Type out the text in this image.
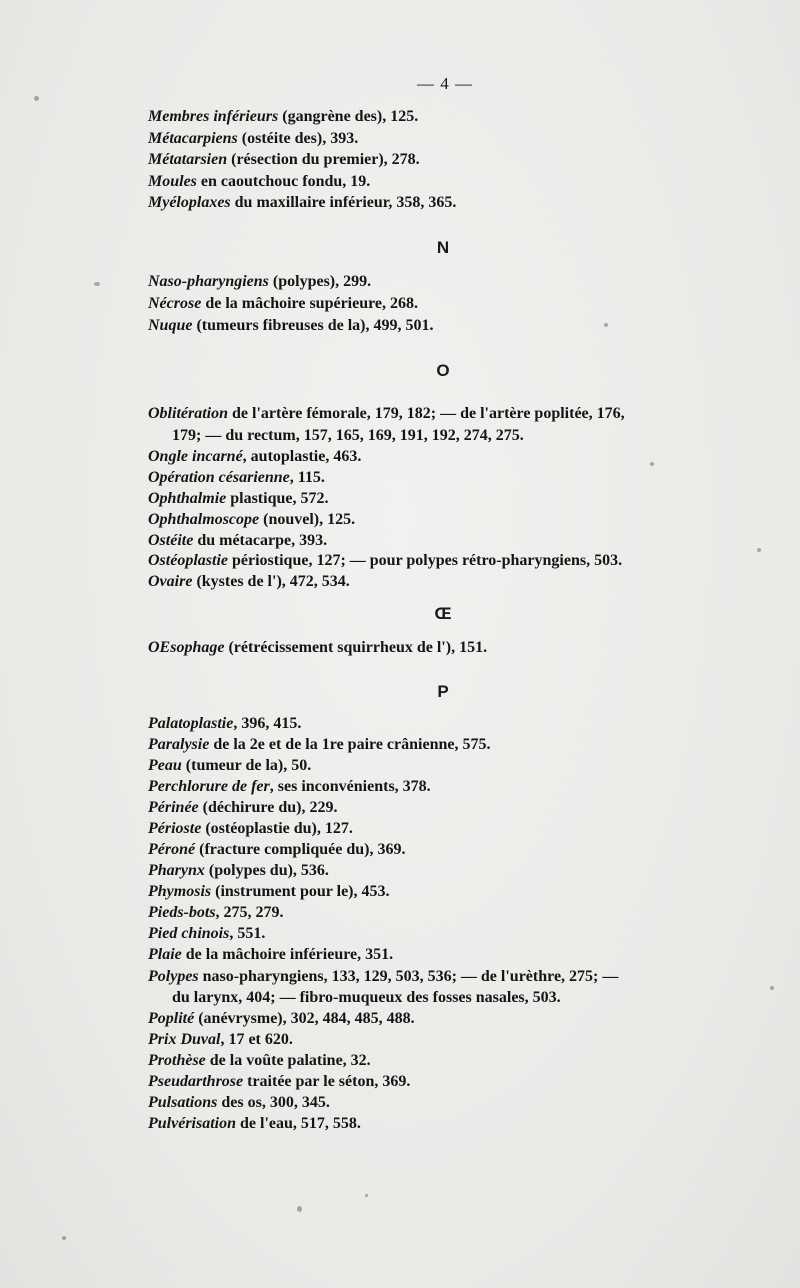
— 4 —
Membres inférieurs (gangrène des), 125.
Métacarpiens (ostéite des), 393.
Métatarsien (résection du premier), 278.
Moules en caoutchouc fondu, 19.
Myéloplaxes du maxillaire inférieur, 358, 365.
N
Naso-pharyngiens (polypes), 299.
Nécrose de la mâchoire supérieure, 268.
Nuque (tumeurs fibreuses de la), 499, 501.
O
Oblitération de l'artère fémorale, 179, 182; — de l'artère poplitée, 176,
179; — du rectum, 157, 165, 169, 191, 192, 274, 275.
Ongle incarné, autoplastie, 463.
Opération césarienne, 115.
Ophthalmie plastique, 572.
Ophthalmoscope (nouvel), 125.
Ostéite du métacarpe, 393.
Ostéoplastie périostique, 127; — pour polypes rétro-pharyngiens, 503.
Ovaire (kystes de l'), 472, 534.
Œ
OEsophage (rétrécissement squirrheux de l'), 151.
P
Palatoplastie, 396, 415.
Paralysie de la 2e et de la 1re paire crânienne, 575.
Peau (tumeur de la), 50.
Perchlorure de fer, ses inconvénients, 378.
Périnée (déchirure du), 229.
Périoste (ostéoplastie du), 127.
Péroné (fracture compliquée du), 369.
Pharynx (polypes du), 536.
Phymosis (instrument pour le), 453.
Pieds-bots, 275, 279.
Pied chinois, 551.
Plaie de la mâchoire inférieure, 351.
Polypes naso-pharyngiens, 133, 129, 503, 536; — de l'urèthre, 275; —
du larynx, 404; — fibro-muqueux des fosses nasales, 503.
Poplité (anévrysme), 302, 484, 485, 488.
Prix Duval, 17 et 620.
Prothèse de la voûte palatine, 32.
Pseudarthrose traitée par le séton, 369.
Pulsations des os, 300, 345.
Pulvérisation de l'eau, 517, 558.
